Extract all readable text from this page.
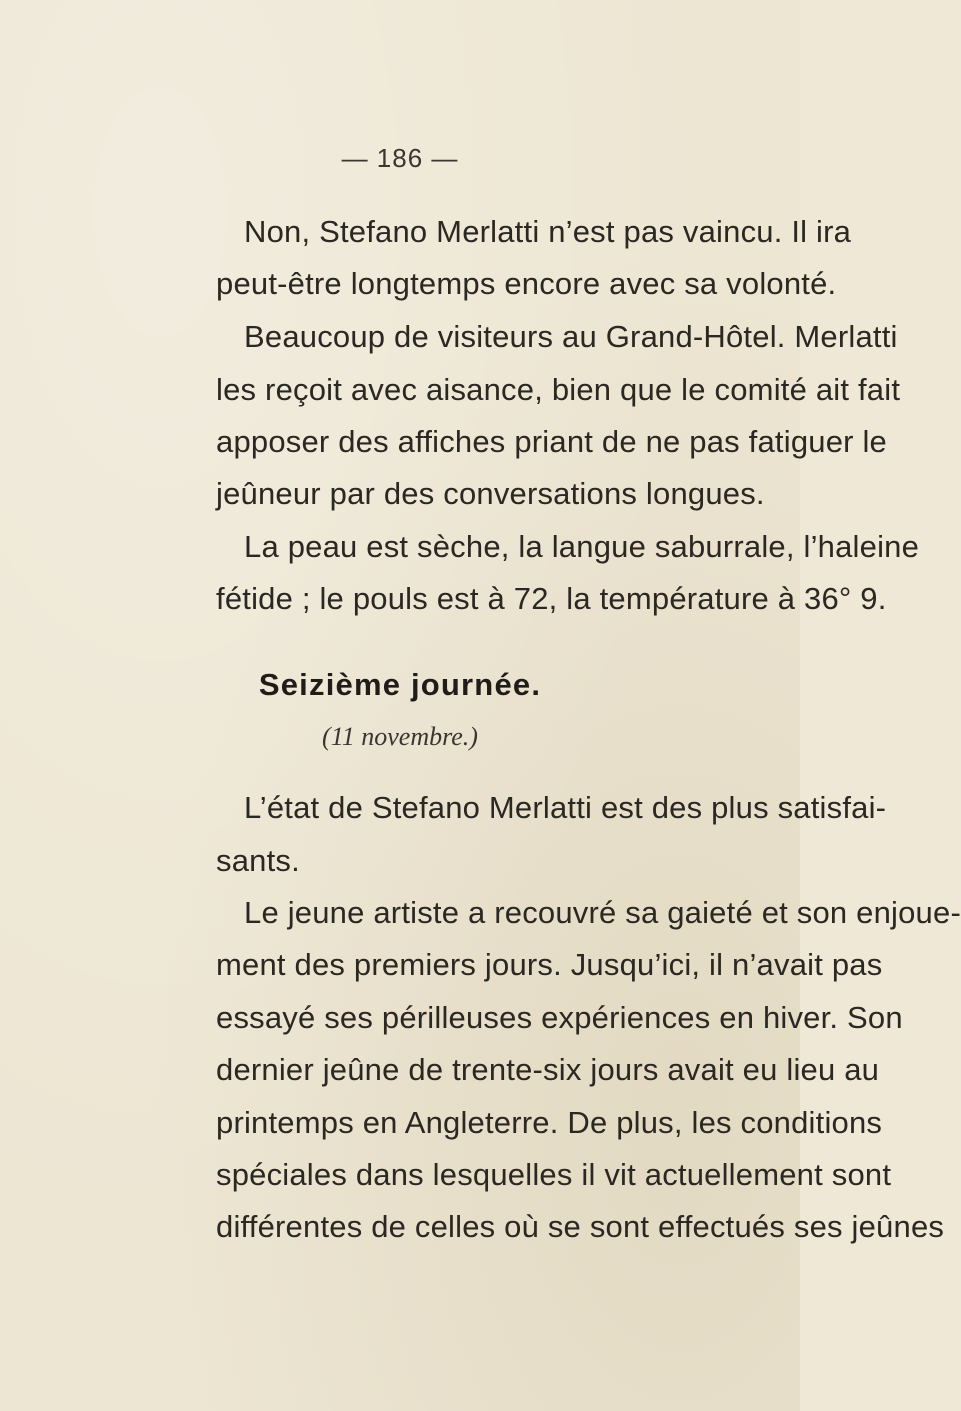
— 186 —
Non, Stefano Merlatti n’est pas vaincu. Il ira
peut-être longtemps encore avec sa volonté.
Beaucoup de visiteurs au Grand-Hôtel. Merlatti
les reçoit avec aisance, bien que le comité ait fait
apposer des affiches priant de ne pas fatiguer le
jeûneur par des conversations longues.
La peau est sèche, la langue saburrale, l’haleine
fétide ; le pouls est à 72, la température à 36° 9.
Seizième journée.
(11 novembre.)
L’état de Stefano Merlatti est des plus satisfai-
sants.
Le jeune artiste a recouvré sa gaieté et son enjoue-
ment des premiers jours. Jusqu’ici, il n’avait pas
essayé ses périlleuses expériences en hiver. Son
dernier jeûne de trente-six jours avait eu lieu au
printemps en Angleterre. De plus, les conditions
spéciales dans lesquelles il vit actuellement sont
différentes de celles où se sont effectués ses jeûnes
